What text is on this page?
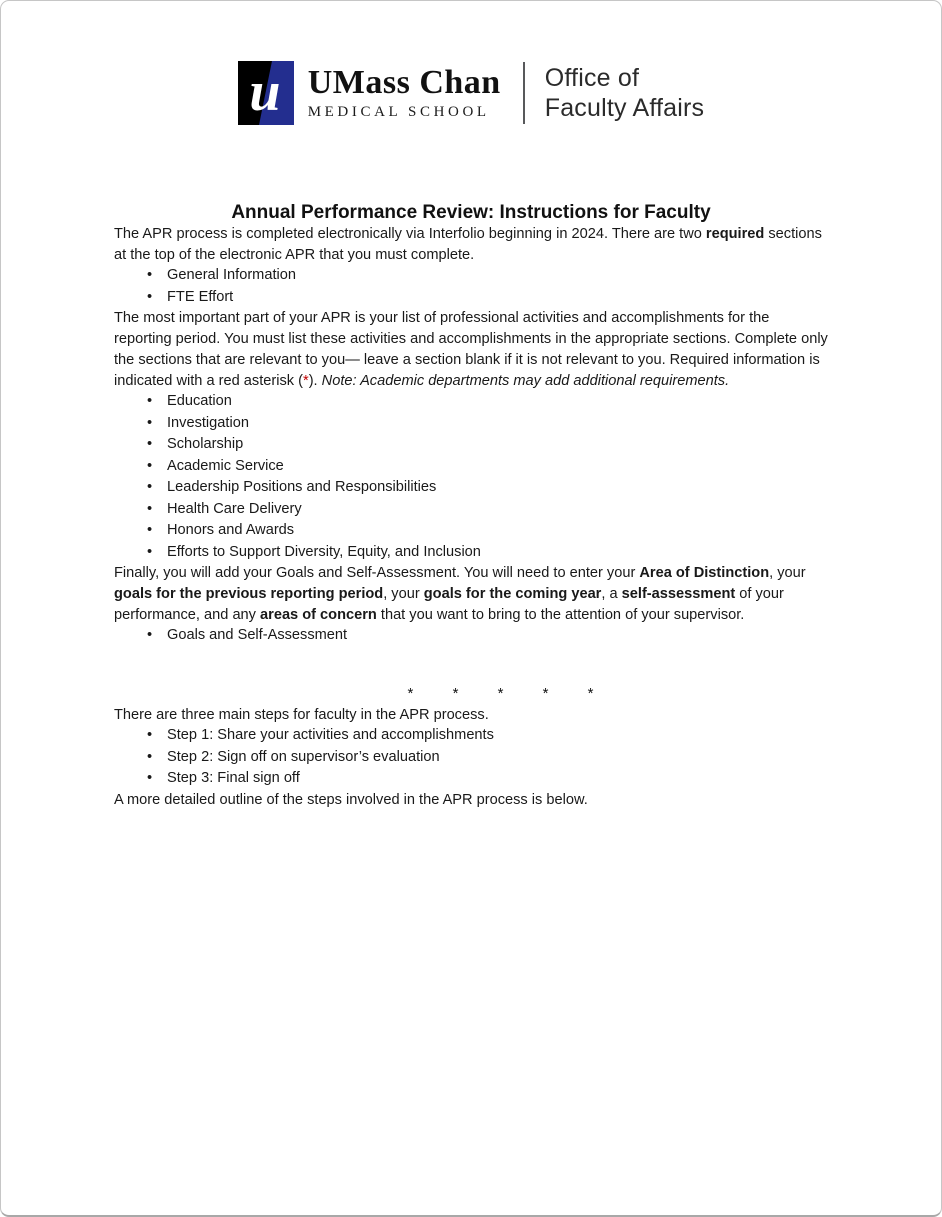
u UMass Chan
MEDICAL SCHOOL
Office of
Faculty Affairs
Annual Performance Review: Instructions for Faculty

The APR process is completed electronically via Interfolio beginning in 2024. There are two required sections at the top of the electronic APR that you must complete.

• General Information
• FTE Effort

The most important part of your APR is your list of professional activities and accomplishments for the reporting period. You must list these activities and accomplishments in the appropriate sections. Complete only the sections that are relevant to you— leave a section blank if it is not relevant to you. Required information is indicated with a red asterisk (*). Note: Academic departments may add additional requirements.

• Education
• Investigation
• Scholarship
• Academic Service
• Leadership Positions and Responsibilities
• Health Care Delivery
• Honors and Awards
• Efforts to Support Diversity, Equity, and Inclusion

Finally, you will add your Goals and Self-Assessment. You will need to enter your Area of Distinction, your goals for the previous reporting period, your goals for the coming year, a self-assessment of your performance, and any areas of concern that you want to bring to the attention of your supervisor.

• Goals and Self-Assessment
*	*	*	*	*

There are three main steps for faculty in the APR process.

• Step 1: Share your activities and accomplishments
• Step 2: Sign off on supervisor’s evaluation
• Step 3: Final sign off

A more detailed outline of the steps involved in the APR process is below.
